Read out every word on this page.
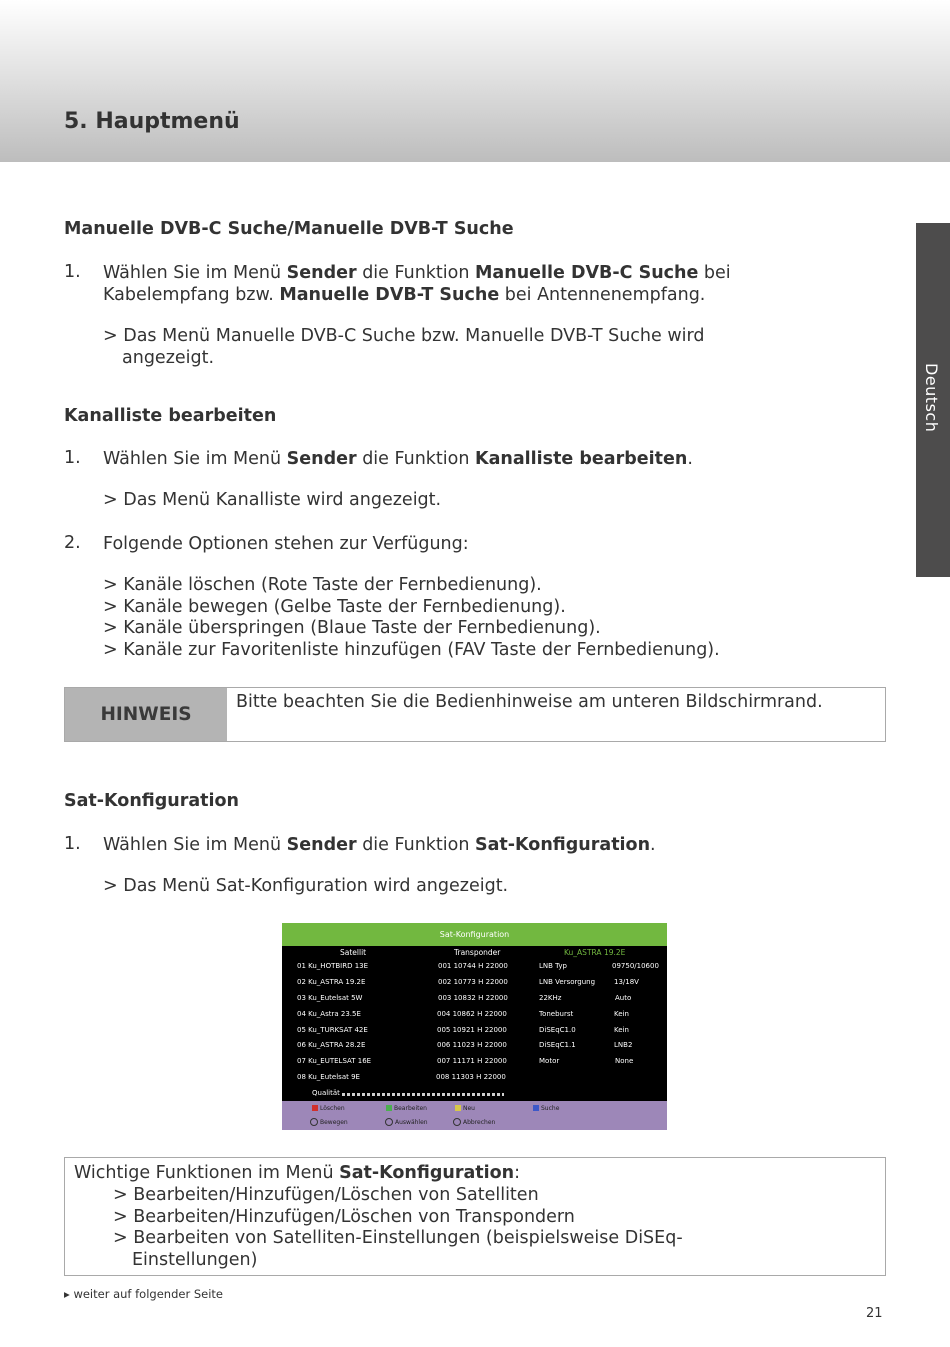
5. Hauptmenü
Deutsch
Manuelle DVB-C Suche/Manuelle DVB-T Suche
1. Wählen Sie im Menü Sender die Funktion Manuelle DVB-C Suche bei
Kabelempfang bzw. Manuelle DVB-T Suche bei Antennenempfang.
> Das Menü Manuelle DVB-C Suche bzw. Manuelle DVB-T Suche wird
angezeigt.
Kanalliste bearbeiten
1. Wählen Sie im Menü Sender die Funktion Kanalliste bearbeiten.
> Das Menü Kanalliste wird angezeigt.
2. Folgende Optionen stehen zur Verfügung:
> Kanäle löschen (Rote Taste der Fernbedienung).
> Kanäle bewegen (Gelbe Taste der Fernbedienung).
> Kanäle überspringen (Blaue Taste der Fernbedienung).
> Kanäle zur Favoritenliste hinzufügen (FAV Taste der Fernbedienung).
HINWEIS
Bitte beachten Sie die Bedienhinweise am unteren Bildschirmrand.
Sat-Konfiguration
1. Wählen Sie im Menü Sender die Funktion Sat-Konfiguration.
> Das Menü Sat-Konfiguration wird angezeigt.
Sat-Konfiguration
Satellit	Transponder	Ku_ASTRA 19.2E
01 Ku_HOTBIRD 13E	001 10744 H 22000	LNB Typ	09750/10600
02 Ku_ASTRA 19.2E	002 10773 H 22000	LNB Versorgung	13/18V
03 Ku_Eutelsat 5W	003 10832 H 22000	22KHz	Auto
04 Ku_Astra 23.5E	004 10862 H 22000	Toneburst	Kein
05 Ku_TURKSAT 42E	005 10921 H 22000	DiSEqC1.0	Kein
06 Ku_ASTRA 28.2E	006 11023 H 22000	DiSEqC1.1	LNB2
07 Ku_EUTELSAT 16E	007 11171 H 22000	Motor	None
08 Ku_Eutelsat 9E	008 11303 H 22000
Qualität
Löschen	Bearbeiten	Neu	Suche
Bewegen	Auswählen	Abbrechen
Wichtige Funktionen im Menü Sat-Konfiguration:
> Bearbeiten/Hinzufügen/Löschen von Satelliten
> Bearbeiten/Hinzufügen/Löschen von Transpondern
> Bearbeiten von Satelliten-Einstellungen (beispielsweise DiSEq-
Einstellungen)
▸ weiter auf folgender Seite
21
